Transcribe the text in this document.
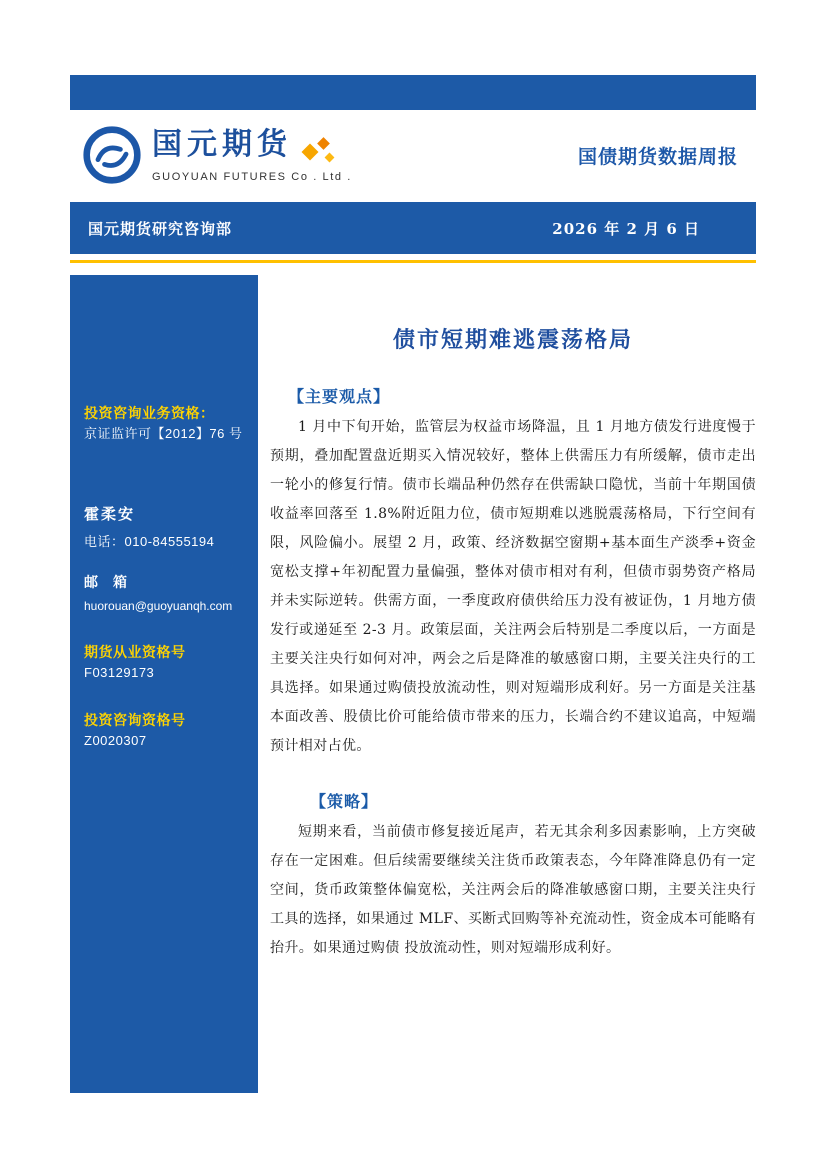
国元期货
GUOYUAN FUTURES Co . Ltd .
国债期货数据周报
国元期货研究咨询部	2026 年 2 月 6 日
投资咨询业务资格：
京证监许可【2012】76 号
霍柔安
电话：010-84555194
邮　箱
huorouan@guoyuanqh.com
期货从业资格号
F03129173
投资咨询资格号
Z0020307
债市短期难逃震荡格局
【主要观点】

1 月中下旬开始，监管层为权益市场降温，且 1 月地方债发行进度慢于预期，叠加配置盘近期买入情况较好，整体上供需压力有所缓解，债市走出一轮小的修复行情。债市长端品种仍然存在供需缺口隐忧，当前十年期国债收益率回落至 1.8%附近阻力位，债市短期难以逃脱震荡格局，下行空间有限，风险偏小。展望 2 月，政策、经济数据空窗期+基本面生产淡季+资金宽松支撑+年初配置力量偏强，整体对债市相对有利，但债市弱势资产格局并未实际逆转。供需方面，一季度政府债供给压力没有被证伪，1 月地方债发行或递延至 2-3 月。政策层面，关注两会后特别是二季度以后，一方面是主要关注央行如何对冲，两会之后是降准的敏感窗口期，主要关注央行的工具选择。如果通过购债投放流动性，则对短端形成利好。另一方面是关注基本面改善、股债比价可能给债市带来的压力，长端合约不建议追高，中短端预计相对占优。

【策略】

短期来看，当前债市修复接近尾声，若无其余利多因素影响，上方突破存在一定困难。但后续需要继续关注货币政策表态，今年降准降息仍有一定空间，货币政策整体偏宽松，关注两会后的降准敏感窗口期，主要关注央行工具的选择，如果通过 MLF、买断式回购等补充流动性，资金成本可能略有抬升。如果通过购债 投放流动性，则对短端形成利好。
